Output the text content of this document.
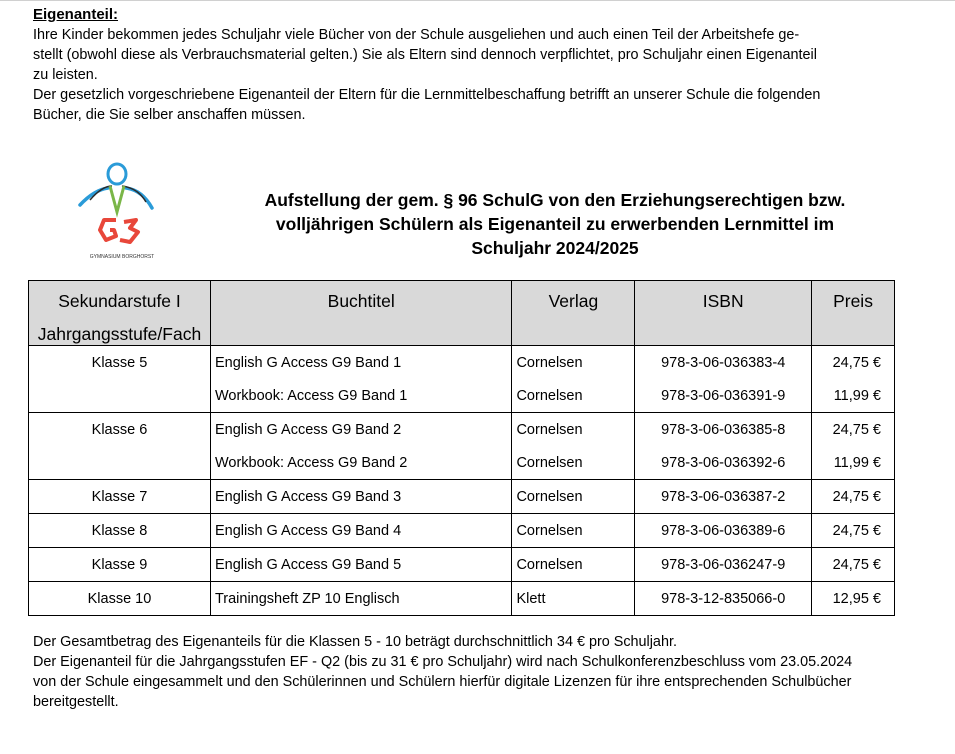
Eigenanteil:

Ihre Kinder bekommen jedes Schuljahr viele Bücher von der Schule ausgeliehen und auch einen Teil der Arbeitshefe ge-

stellt (obwohl diese als Verbrauchsmaterial gelten.) Sie als Eltern sind dennoch verpflichtet, pro Schuljahr einen Eigenanteil

zu leisten.

Der gesetzlich vorgeschriebene Eigenanteil der Eltern für die Lernmittelbeschaffung betrifft an unserer Schule die folgenden

Bücher, die Sie selber anschaffen müssen.

GYMNASIUM BORGHORST
Aufstellung der gem. § 96 SchulG von den Erziehungserechtigen bzw.
volljährigen Schülern als Eigenanteil zu erwerbenden Lernmittel im
Schuljahr 2024/2025
Sekundarstufe I
Jahrgangsstufe/Fach	Buchtitel	Verlag	ISBN	Preis

Klasse 5	English G Access G9 Band 1	Cornelsen	978-3-06-036383-4	24,75 €
	Workbook: Access G9 Band 1	Cornelsen	978-3-06-036391-9	11,99 €
Klasse 6	English G Access G9 Band 2	Cornelsen	978-3-06-036385-8	24,75 €
	Workbook: Access G9 Band 2	Cornelsen	978-3-06-036392-6	11,99 €
Klasse 7	English G Access G9 Band 3	Cornelsen	978-3-06-036387-2	24,75 €
Klasse 8	English G Access G9 Band 4	Cornelsen	978-3-06-036389-6	24,75 €
Klasse 9	English G Access G9 Band 5	Cornelsen	978-3-06-036247-9	24,75 €
Klasse 10	Trainingsheft ZP 10 Englisch	Klett	978-3-12-835066-0	12,95 €

Der Gesamtbetrag des Eigenanteils für die Klassen 5 - 10 beträgt durchschnittlich 34 € pro Schuljahr.

Der Eigenanteil für die Jahrgangsstufen EF - Q2 (bis zu 31 € pro Schuljahr) wird nach Schulkonferenzbeschluss vom 23.05.2024

von der Schule eingesammelt und den Schülerinnen und Schülern hierfür digitale Lizenzen für ihre entsprechenden Schulbücher

bereitgestellt.
